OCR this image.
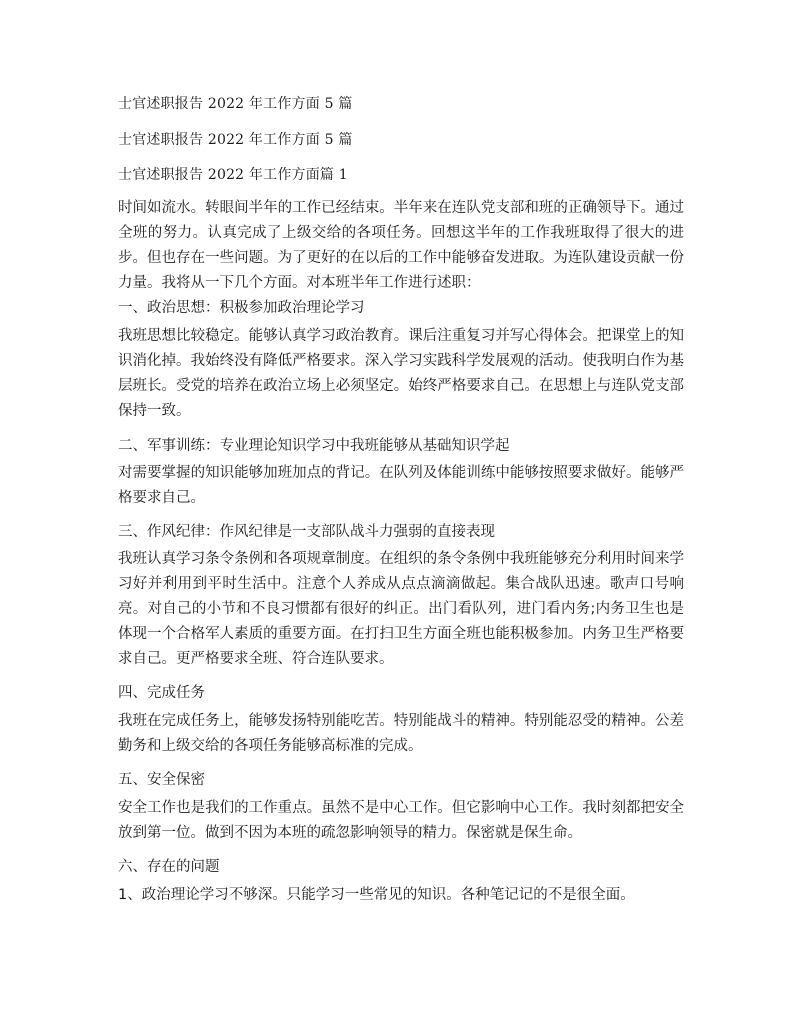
士官述职报告 2022 年工作方面 5 篇
士官述职报告 2022 年工作方面 5 篇
士官述职报告 2022 年工作方面篇 1
时间如流水。转眼间半年的工作已经结束。半年来在连队党支部和班的正确领导下。通过全班的努力。认真完成了上级交给的各项任务。回想这半年的工作我班取得了很大的进步。但也存在一些问题。为了更好的在以后的工作中能够奋发进取。为连队建设贡献一份力量。我将从一下几个方面。对本班半年工作进行述职：
一、政治思想：积极参加政治理论学习
我班思想比较稳定。能够认真学习政治教育。课后注重复习并写心得体会。把课堂上的知识消化掉。我始终没有降低严格要求。深入学习实践科学发展观的活动。使我明白作为基层班长。受党的培养在政治立场上必须坚定。始终严格要求自己。在思想上与连队党支部保持一致。
二、军事训练：专业理论知识学习中我班能够从基础知识学起
对需要掌握的知识能够加班加点的背记。在队列及体能训练中能够按照要求做好。能够严格要求自己。
三、作风纪律：作风纪律是一支部队战斗力强弱的直接表现
我班认真学习条令条例和各项规章制度。在组织的条令条例中我班能够充分利用时间来学习好并利用到平时生活中。注意个人养成从点点滴滴做起。集合战队迅速。歌声口号响亮。对自己的小节和不良习惯都有很好的纠正。出门看队列，进门看内务;内务卫生也是体现一个合格军人素质的重要方面。在打扫卫生方面全班也能积极参加。内务卫生严格要求自己。更严格要求全班、符合连队要求。
四、完成任务
我班在完成任务上，能够发扬特别能吃苦。特别能战斗的精神。特别能忍受的精神。公差勤务和上级交给的各项任务能够高标准的完成。
五、安全保密
安全工作也是我们的工作重点。虽然不是中心工作。但它影响中心工作。我时刻都把安全放到第一位。做到不因为本班的疏忽影响领导的精力。保密就是保生命。
六、存在的问题
1、政治理论学习不够深。只能学习一些常见的知识。各种笔记记的不是很全面。
